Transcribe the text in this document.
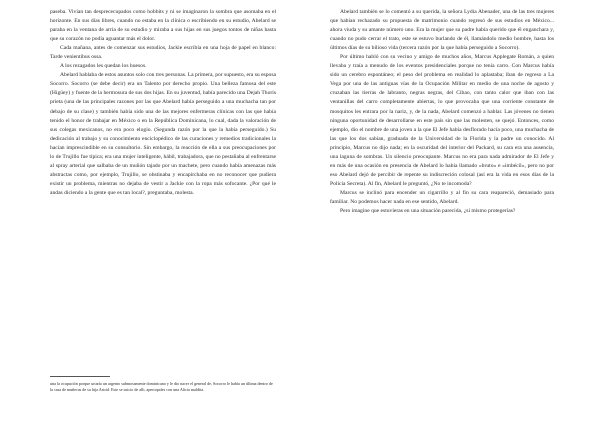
paseba. Vivían tan desprececupados como hobbits y ni se imaginaron la sombra que asomaba en el horizonte. En sus días libres, cuando no estaba en la clínica o escribiendo en su estudio, Abelard se paraba en la ventana de arria de su estudio y miraba a sus hijas en sus juegos tontos de niñas hasta que su corazón no podía aguantar más el dolor.

Cada mañana, antes de comenzar sus estudios, Jackie escribía en una hoja de papel en blanco: Tarde venientibus ossa.

A los rezagados les quedan los huesos.

Abelard hablaba de estos asuntos solo con tres personas. La primera, por supuesto, era su esposa Socorro. Socorro (se debe decir) era un Talento por derecho propio. Una belleza famosa del este (Higüey) y fuente de la hermosura de sus dos hijas. En su juventud, había parecido una Dejah Thoris prieta (una de las principales razones por las que Abelard había perseguido a una muchacha tan por debajo de su clase) y también había sido una de las mejores enfermeras clínicas con las que había tenido el honor de trabajar en México o en la República Dominicana, lo cual, dada la valoración de sus colegas mexicanos, no era poco elogio. (Segunda razón por la que la había perseguido.) Su dedicación al trabajo y su conocimiento enciclopédico de las curaciones y remedios tradicionales la hacían imprescindible en su consultorio. Sin embargo, la reacción de ella a sus preocupaciones por lo de Trujillo fue típica; era una mujer inteligente, hábil, trabajadora, que no pestañaba al enfrentarse al spray arterial que salbaba de un muñón tajado por un machete, pero cuando había amenazas más abstractas como, por ejemplo, Trujillo, se obstinaba y encapirchaba en no reconocer que pudiera existir un problema, mientras no dejaba de vestir a Jackie con la ropa más sofocante. ¿Por qué le andas diciendo a la gente que es tan local?, preguntaba, molesta.

una la ocupación porque urtaría un argento submosamente dominicano y le dio nacer el general de, Socorro le había un última dentro de la casa de muñecas de su hija Astrid. Este se suicio de alli, apertopales con una Alicia maldita.

Abelard también se lo comentó a su querida, la señora Lydia Abenader, una de las tres mujeres que habían rechazado su propuesta de matrimonio cuando regresó de sus estudios en México... ahora viuda y su amante número uno. Era la mujer que su padre había querido que él enganchara y, cuando no pudo cerrar el trato, este se estuvo burlando de él, llamándolo medio hombre, hasta los últimos días de su bilioso vida (tercera razón por la que había perseguido a Socorro).

Por último habló con su vecino y amigo de muchos años, Marcus Applegate Román, a quien llevaba y traía a menudo de los eventos presidenciales porque no tenía carro. Con Marcus había sido un cerebro espontáneo; el peso del problema en realidad lo aplastaba; iban de regreso a La Vega por una de las antiguas vías de la Ocupación Militar en medio de una noche de agosto y cruzaban las tierras de labranto, negras negras, del Cibao, con tanto calor que iban con las ventanillas del carro completamente abiertas, lo que provocaba que una corriente constante de mosquitos les entrara por la nariz, y, de la nada, Abelard comenzó a hablar. Las jóvenes no tienen ninguna oportunidad de desarrollarse en este país sin que las molesten, se quejó. Entonces, como ejemplo, dio el nombre de una joven a la que El Jefe había desflorado hacía poco, una muchacha de las que los dos sabían, graduada de la Universidad de la Florida y la padre un conocido. Al principio, Marcus no dijo nada; en la oscuridad del interior del Packard, su cara era una ausencia, una laguna de sombras. Un silencio preocupante. Marcus no era para nada admirador de El Jefe y en más de una ocasión en presencia de Abelard lo había llamado «bruto» e «imbécil», pero no por eso Abelard dejó de percibir de repente su indiscreción colosal (así era la vida en esos días de la Policía Secreta). Al fin, Abelard le preguntó, ¿No te incomoda?

Marcus se inclinó para encender un cigarrillo y al fin su cara reapareció, demasiado para familiar. No podemos hacer nada en ese sentido, Abelard.

Pero imagine que estuvieras en una situación parecida, ¿sí mismo protegerías?
